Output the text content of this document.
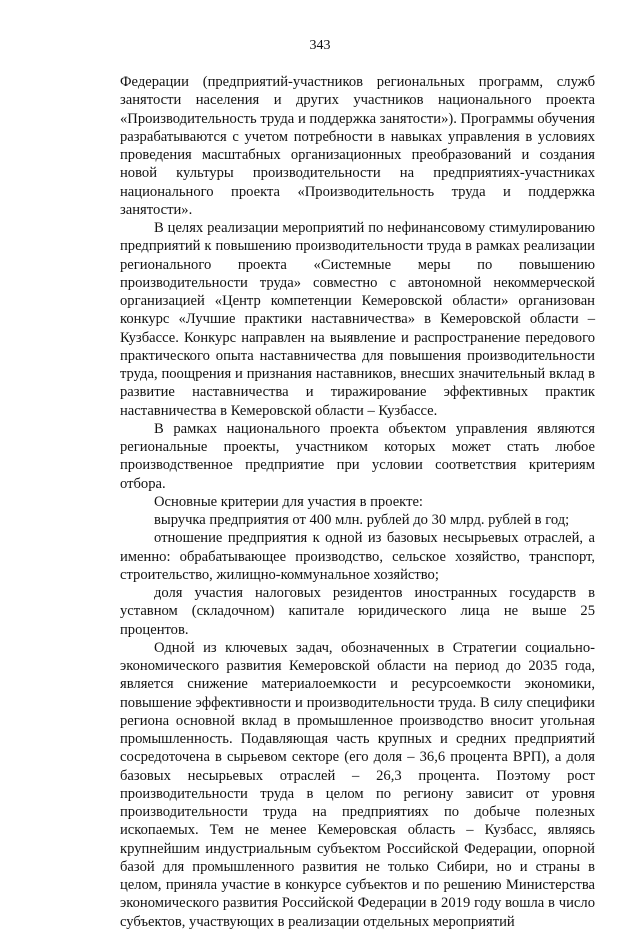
343

Федерации (предприятий-участников региональных программ, служб занятости населения и других участников национального проекта «Производительность труда и поддержка занятости»). Программы обучения разрабатываются с учетом потребности в навыках управления в условиях проведения масштабных организационных преобразований и создания новой культуры производительности на предприятиях-участниках национального проекта «Производительность труда и поддержка занятости».

В целях реализации мероприятий по нефинансовому стимулированию предприятий к повышению производительности труда в рамках реализации регионального проекта «Системные меры по повышению производительности труда» совместно с автономной некоммерческой организацией «Центр компетенции Кемеровской области» организован конкурс «Лучшие практики наставничества» в Кемеровской области – Кузбассе. Конкурс направлен на выявление и распространение передового практического опыта наставничества для повышения производительности труда, поощрения и признания наставников, внесших значительный вклад в развитие наставничества и тиражирование эффективных практик наставничества в Кемеровской области – Кузбассе.

В рамках национального проекта объектом управления являются региональные проекты, участником которых может стать любое производственное предприятие при условии соответствия критериям отбора.

Основные критерии для участия в проекте:

выручка предприятия от 400 млн. рублей до 30 млрд. рублей в год;

отношение предприятия к одной из базовых несырьевых отраслей, а именно: обрабатывающее производство, сельское хозяйство, транспорт, строительство, жилищно-коммунальное хозяйство;

доля участия налоговых резидентов иностранных государств в уставном (складочном) капитале юридического лица не выше 25 процентов.

Одной из ключевых задач, обозначенных в Стратегии социально-экономического развития Кемеровской области на период до 2035 года, является снижение материалоемкости и ресурсоемкости экономики, повышение эффективности и производительности труда. В силу специфики региона основной вклад в промышленное производство вносит угольная промышленность. Подавляющая часть крупных и средних предприятий сосредоточена в сырьевом секторе (его доля – 36,6 процента ВРП), а доля базовых несырьевых отраслей – 26,3 процента. Поэтому рост производительности труда в целом по региону зависит от уровня производительности труда на предприятиях по добыче полезных ископаемых. Тем не менее Кемеровская область – Кузбасс, являясь крупнейшим индустриальным субъектом Российской Федерации, опорной базой для промышленного развития не только Сибири, но и страны в целом, приняла участие в конкурсе субъектов и по решению Министерства экономического развития Российской Федерации в 2019 году вошла в число субъектов, участвующих в реализации отдельных мероприятий
